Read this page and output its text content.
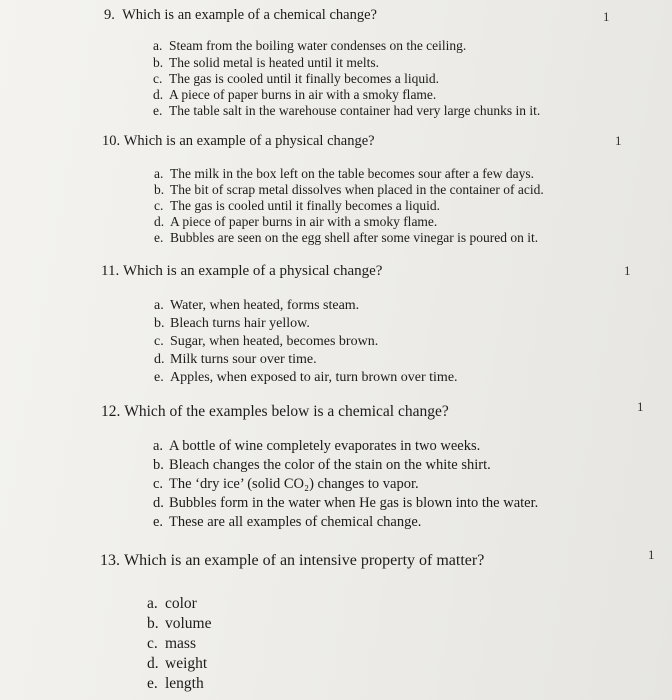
9. Which is an example of a chemical change?	1
a. Steam from the boiling water condenses on the ceiling.
b. The solid metal is heated until it melts.
c. The gas is cooled until it finally becomes a liquid.
d. A piece of paper burns in air with a smoky flame.
e. The table salt in the warehouse container had very large chunks in it.
10. Which is an example of a physical change?	1
a. The milk in the box left on the table becomes sour after a few days.
b. The bit of scrap metal dissolves when placed in the container of acid.
c. The gas is cooled until it finally becomes a liquid.
d. A piece of paper burns in air with a smoky flame.
e. Bubbles are seen on the egg shell after some vinegar is poured on it.
11. Which is an example of a physical change?	1
a. Water, when heated, forms steam.
b. Bleach turns hair yellow.
c. Sugar, when heated, becomes brown.
d. Milk turns sour over time.
e. Apples, when exposed to air, turn brown over time.
12. Which of the examples below is a chemical change?	1
a. A bottle of wine completely evaporates in two weeks.
b. Bleach changes the color of the stain on the white shirt.
c. The ‘dry ice’ (solid CO₂) changes to vapor.
d. Bubbles form in the water when He gas is blown into the water.
e. These are all examples of chemical change.
13. Which is an example of an intensive property of matter?	1
a. color
b. volume
c. mass
d. weight
e. length
